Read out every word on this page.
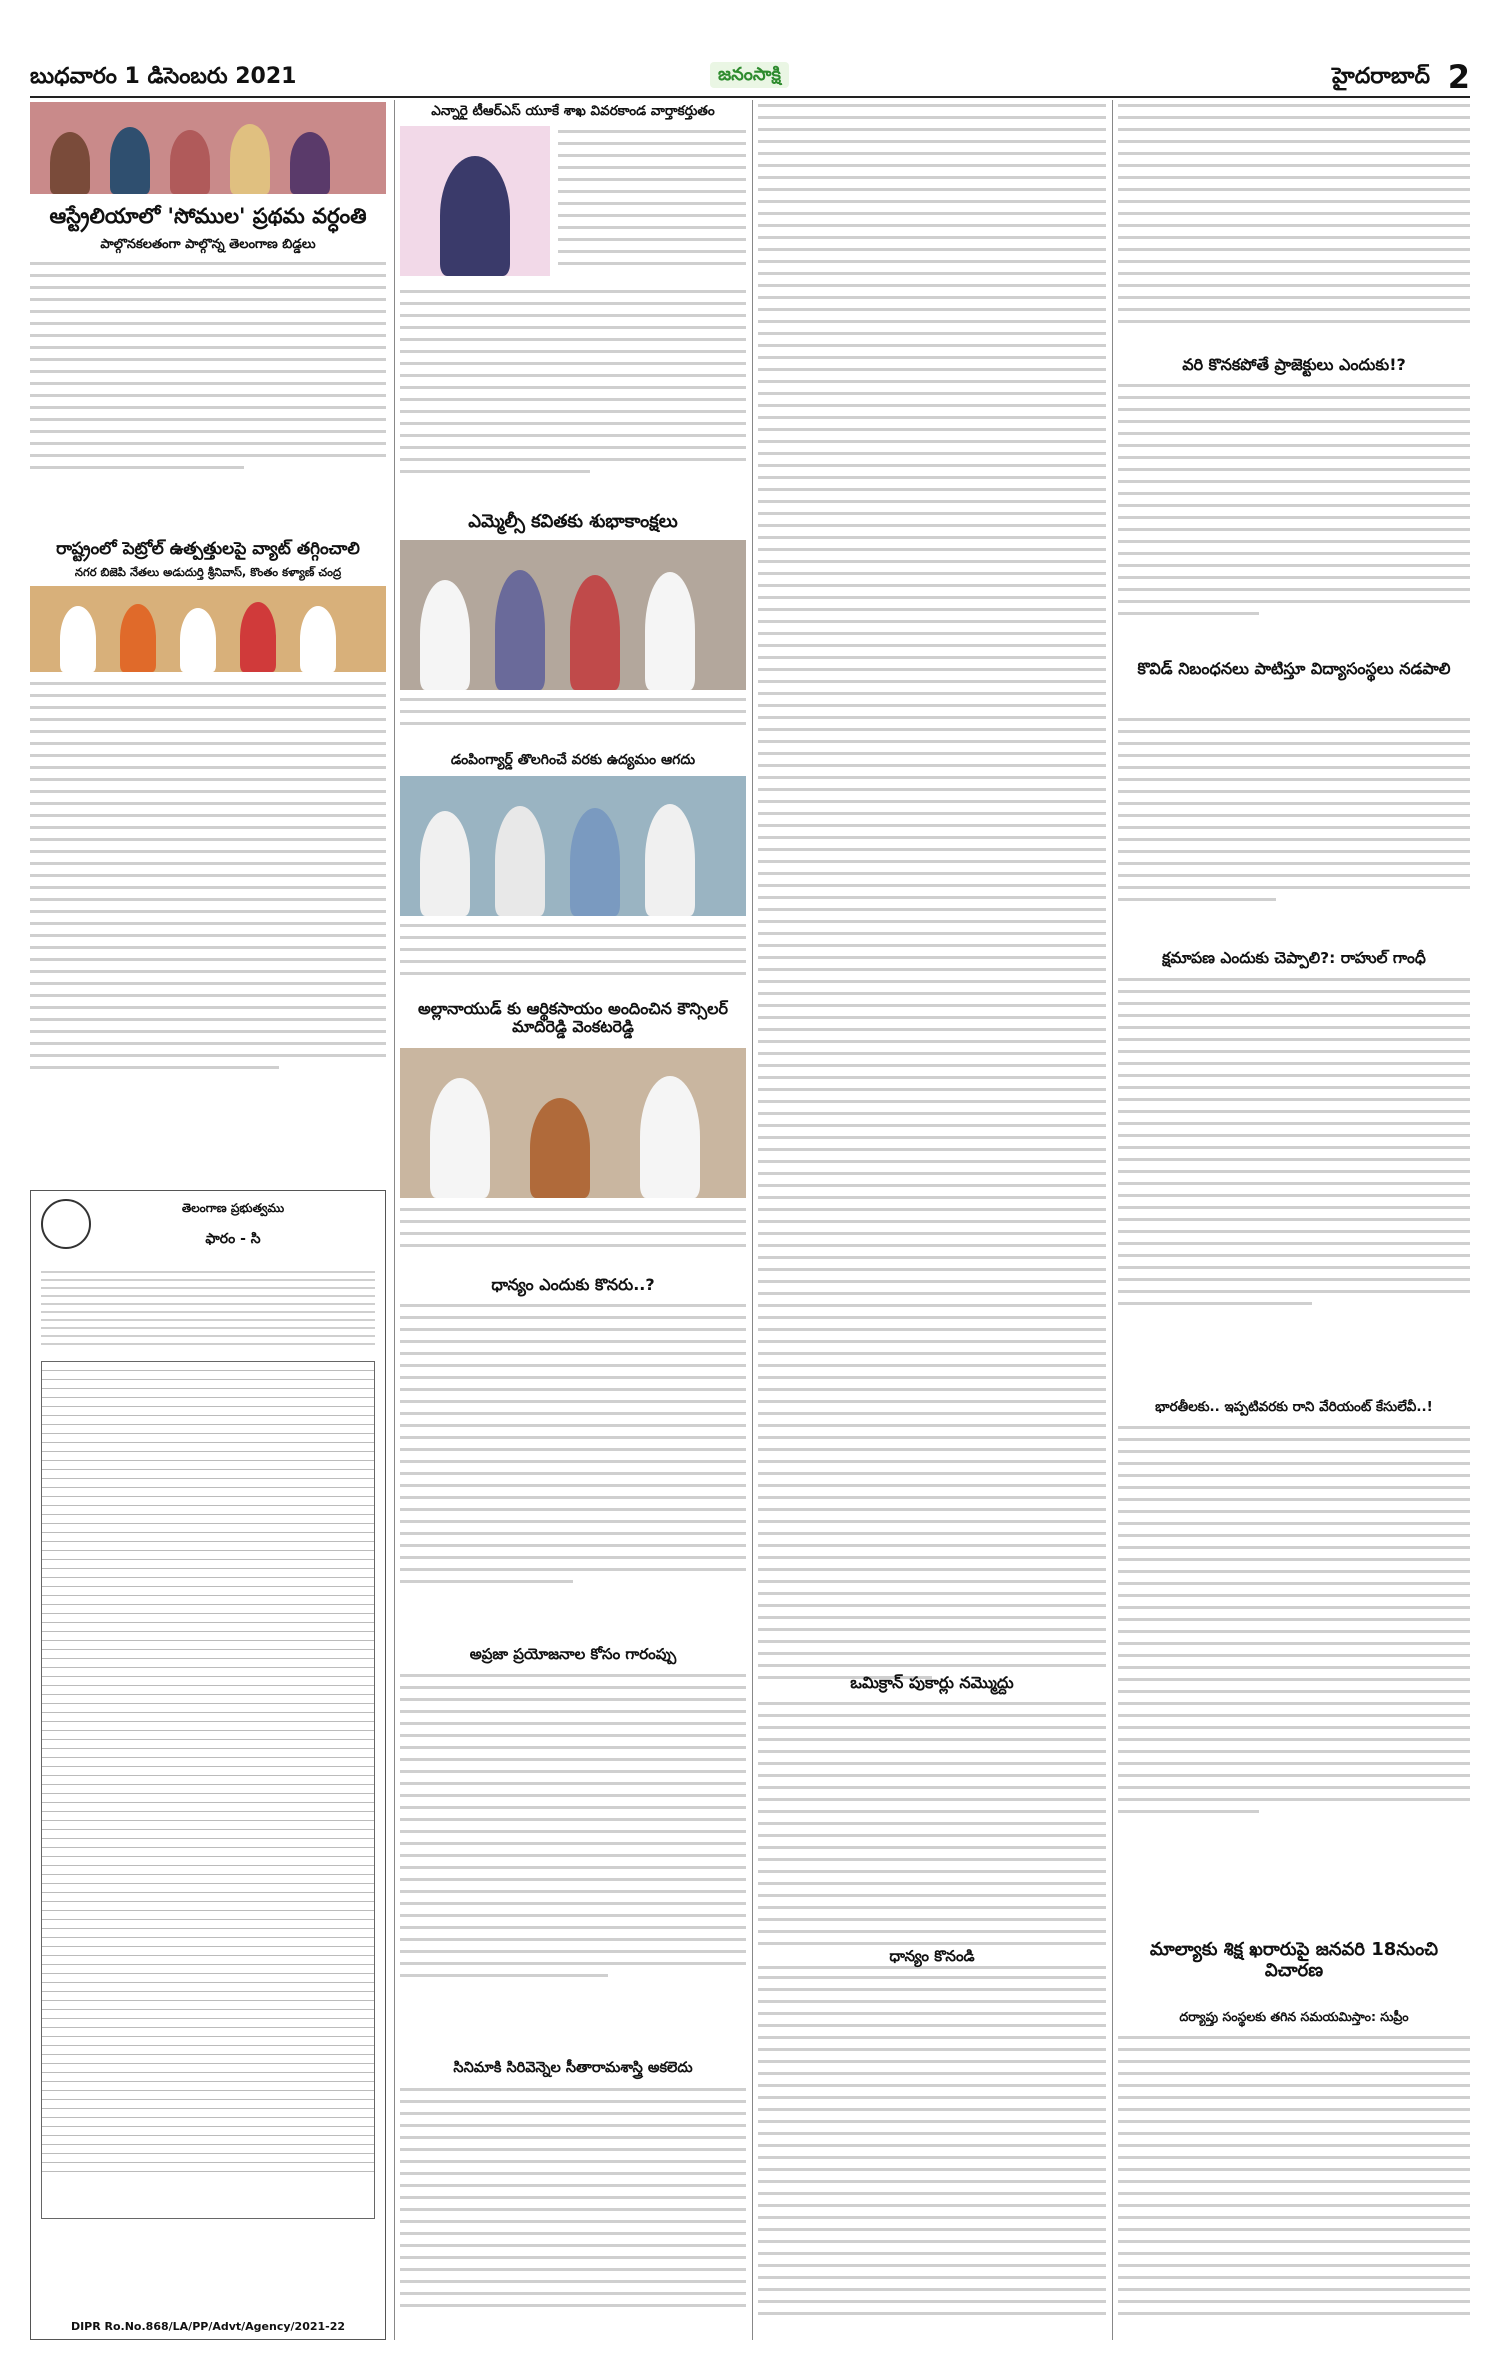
బుధవారం 1 డిసెంబరు 2021	జనంసాక్షి	హైదరాబాద్ 2
ఆస్ట్రేలియాలో 'సోముల' ప్రథమ వర్ధంతి
పాల్గొనకలతంగా పాల్గొన్న తెలంగాణ బిడ్డలు
రాష్ట్రంలో పెట్రోల్ ఉత్పత్తులపై వ్యాట్ తగ్గించాలి
నగర బిజెపి నేతలు అడుదుర్తి శ్రీనివాస్, కొంతం కళ్యాణ్ చంద్ర
తెలంగాణ ప్రభుత్వము
ఫారం - సి
DIPR Ro.No.868/LA/PP/Advt/Agency/2021-22
ఎన్నారై టీఆర్ఎస్ యూకే శాఖ వివరకాండ వార్తాకర్తుతం
ఎమ్మెల్సీ కవితకు శుభాకాంక్షలు
డంపింగ్యార్డ్ తొలగించే వరకు ఉద్యమం ఆగదు
అల్లానాయుడ్ కు ఆర్థికసాయం అందించిన కౌన్సిలర్ మాదిరెడ్డి వెంకటరెడ్డి
ధాన్యం ఎందుకు కొనరు..?
అప్రజా ప్రయోజనాల కోసం గారంప్పు
సినిమాకి సిరివెన్నెల సీతారామశాస్త్రి అకలెదు
ఒమిక్రాన్ పుకార్లు నమ్మొద్దు
ధాన్యం కొనండి
వరి కొనకపోతే ప్రాజెక్టులు ఎందుకు!?
కొవిడ్ నిబంధనలు పాటిస్తూ విద్యాసంస్థలు నడపాలి
క్షమాపణ ఎందుకు చెప్పాలి?: రాహుల్ గాంధీ
భారతీలకు.. ఇప్పటివరకు రాని వేరియంట్ కేసులేవీ..!
మాల్యాకు శిక్ష ఖరారుపై జనవరి 18నుంచి విచారణ
దర్యాప్తు సంస్థలకు తగిన సమయమిస్తాం: సుప్రీం
